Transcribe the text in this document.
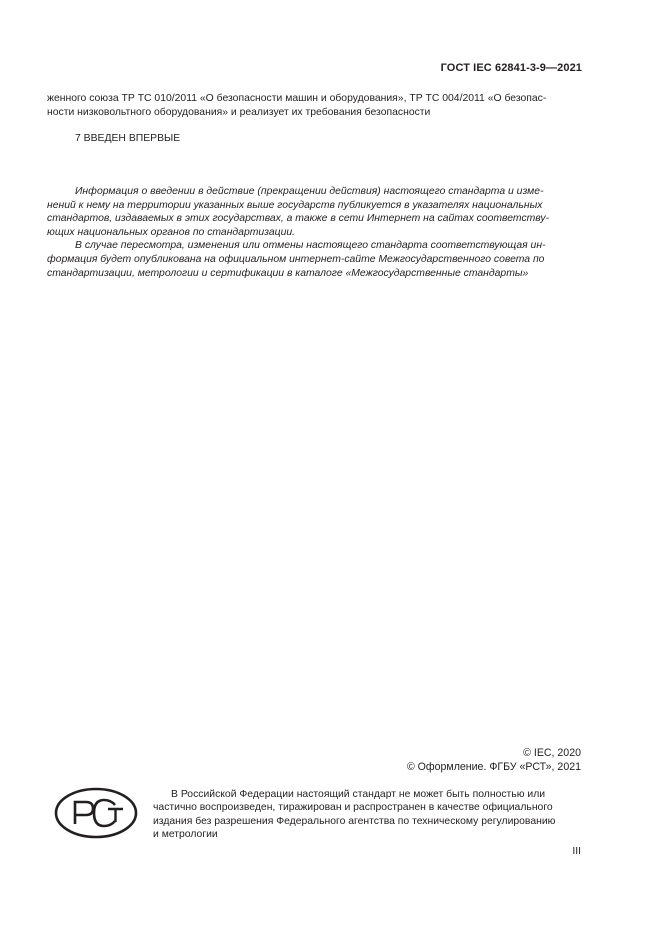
ГОСТ IEC 62841-3-9—2021
женного союза ТР ТС 010/2011 «О безопасности машин и оборудования», ТР ТС 004/2011 «О безопас-
ности низковольтного оборудования» и реализует их требования безопасности
7 ВВЕДЕН ВПЕРВЫЕ
Информация о введении в действие (прекращении действия) настоящего стандарта и изме-
нений к нему на территории указанных выше государств публикуется в указателях национальных
стандартов, издаваемых в этих государствах, а также в сети Интернет на сайтах соответству-
ющих национальных органов по стандартизации.
В случае пересмотра, изменения или отмены настоящего стандарта соответствующая ин-
формация будет опубликована на официальном интернет-сайте Межгосударственного совета по
стандартизации, метрологии и сертификации в каталоге «Межгосударственные стандарты»
© IEC, 2020
© Оформление. ФГБУ «РСТ», 2021
В Российской Федерации настоящий стандарт не может быть полностью или
частично воспроизведен, тиражирован и распространен в качестве официального
издания без разрешения Федерального агентства по техническому регулированию
и метрологии
III
